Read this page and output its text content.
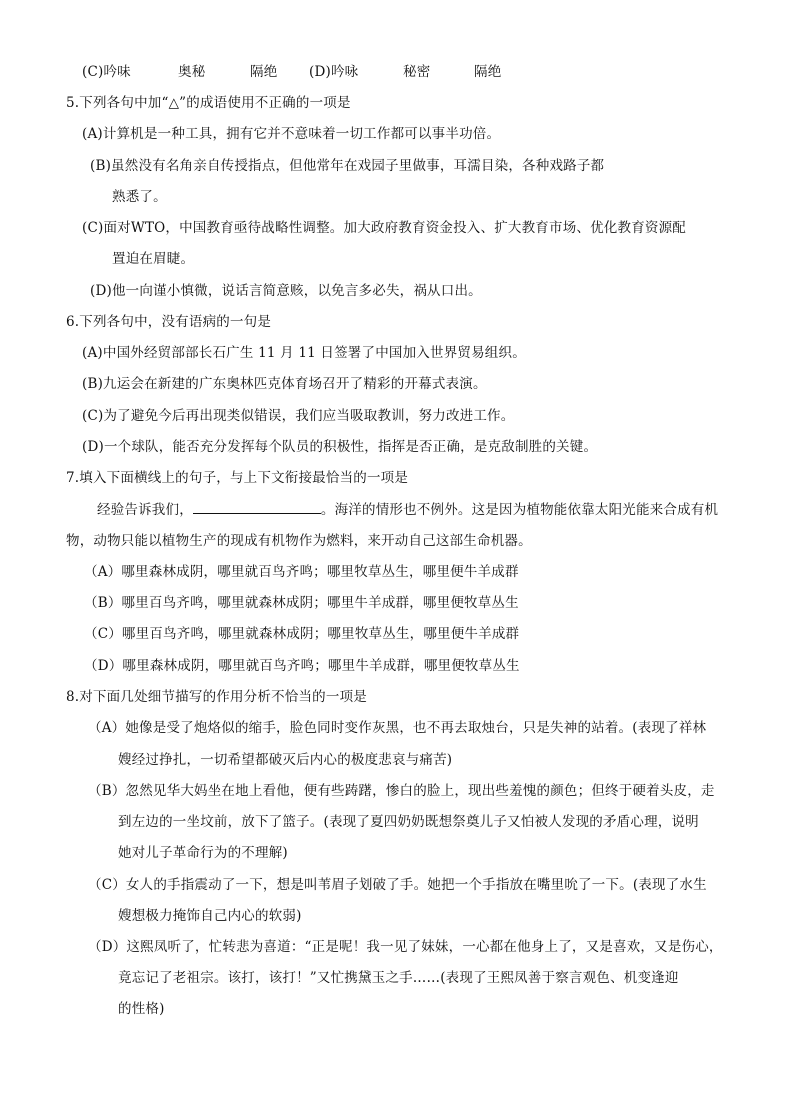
(C)吟味	奥秘	隔绝 (D)吟咏	秘密	隔绝
5.下列各句中加“△”的成语使用不正确的一项是
(A)计算机是一种工具，拥有它并不意味着一切工作都可以事半功倍。
(B)虽然没有名角亲自传授指点，但他常年在戏园子里做事，耳濡目染，各种戏路子都
熟悉了。
(C)面对WTO，中国教育亟待战略性调整。加大政府教育资金投入、扩大教育市场、优化教育资源配
置迫在眉睫。
(D)他一向谨小慎微，说话言简意赅，以免言多必失，祸从口出。
6.下列各句中，没有语病的一句是
(A)中国外经贸部部长石广生 11 月 11 日签署了中国加入世界贸易组织。
(B)九运会在新建的广东奥林匹克体育场召开了精彩的开幕式表演。
(C)为了避免今后再出现类似错误，我们应当吸取教训，努力改进工作。
(D)一个球队，能否充分发挥每个队员的积极性，指挥是否正确，是克敌制胜的关键。
7.填入下面横线上的句子，与上下文衔接最恰当的一项是
经验告诉我们，	。海洋的情形也不例外。这是因为植物能依靠太阳光能来合成有机
物，动物只能以植物生产的现成有机物作为燃料，来开动自己这部生命机器。
（A）哪里森林成阴，哪里就百鸟齐鸣；哪里牧草丛生，哪里便牛羊成群
（B）哪里百鸟齐鸣，哪里就森林成阴；哪里牛羊成群，哪里便牧草丛生
（C）哪里百鸟齐鸣，哪里就森林成阴；哪里牧草丛生，哪里便牛羊成群
（D）哪里森林成阴，哪里就百鸟齐鸣；哪里牛羊成群，哪里便牧草丛生
8.对下面几处细节描写的作用分析不恰当的一项是
（A）她像是受了炮烙似的缩手，脸色同时变作灰黑，也不再去取烛台，只是失神的站着。(表现了祥林
嫂经过挣扎，一切希望都破灭后内心的极度悲哀与痛苦)
（B）忽然见华大妈坐在地上看他，便有些踌躇，惨白的脸上，现出些羞愧的颜色；但终于硬着头皮，走
到左边的一坐坟前，放下了篮子。(表现了夏四奶奶既想祭奠儿子又怕被人发现的矛盾心理，说明
她对儿子革命行为的不理解)
（C）女人的手指震动了一下，想是叫苇眉子划破了手。她把一个手指放在嘴里吮了一下。(表现了水生
嫂想极力掩饰自己内心的软弱)
（D）这熙凤听了，忙转悲为喜道：“正是呢！我一见了妹妹，一心都在他身上了，又是喜欢，又是伤心，
竟忘记了老祖宗。该打，该打！”又忙携黛玉之手……(表现了王熙凤善于察言观色、机变逢迎
的性格)
